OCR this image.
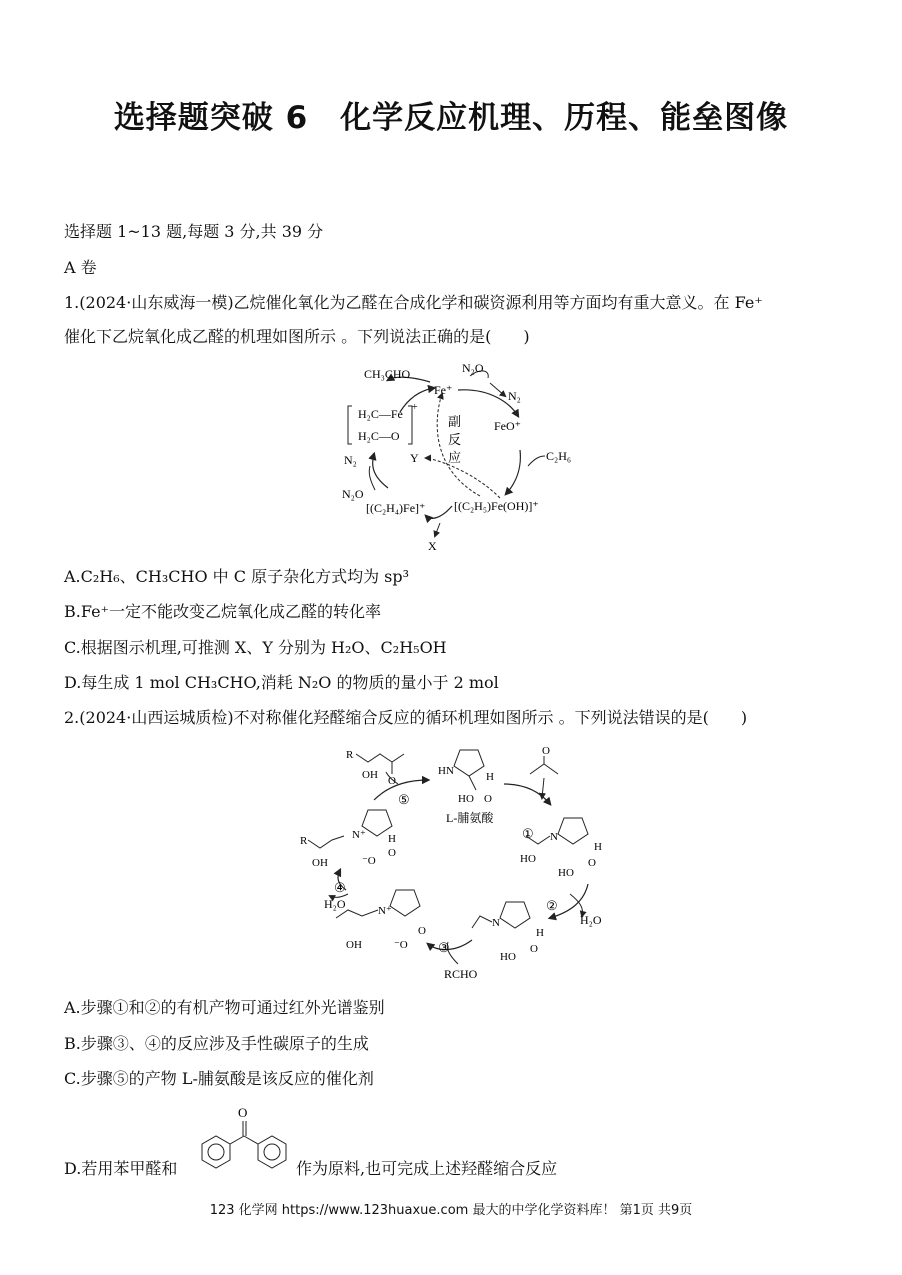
选择题突破 6　化学反应机理、历程、能垒图像
选择题 1~13 题,每题 3 分,共 39 分
A 卷
1.(2024·山东威海一模)乙烷催化氧化为乙醛在合成化学和碳资源利用等方面均有重大意义。在 Fe⁺
催化下乙烷氧化成乙醛的机理如图所示 。下列说法正确的是(　　)
Fe⁺
N₂O
N₂
FeO⁺
C₂H₆
[(C₂H₅)Fe(OH)]⁺
X
[(C₂H₄)Fe]⁺
N₂O
N₂
H₂C—Fe
H₂C—O
+
CH₃CHO
Y
副
反
应
A.C₂H₆、CH₃CHO 中 C 原子杂化方式均为 sp³
B.Fe⁺一定不能改变乙烷氧化成乙醛的转化率
C.根据图示机理,可推测 X、Y 分别为 H₂O、C₂H₅OH
D.每生成 1 mol CH₃CHO,消耗 N₂O 的物质的量小于 2 mol
2.(2024·山西运城质检)不对称催化羟醛缩合反应的循环机理如图所示 。下列说法错误的是(　　)
HN	H
HO O
L-脯氨酸
R
OH O
O
N
HO
H
HO
O
N
H
HO
O
N⁺
OH	⁻O
O
N⁺
R
OH	⁻O
O
H	①
②
③
④
⑤
H₂O
H₂O
RCHO
A.步骤①和②的有机产物可通过红外光谱鉴别
B.步骤③、④的反应涉及手性碳原子的生成
C.步骤⑤的产物 L-脯氨酸是该反应的催化剂
D.若用苯甲醛和
O
作为原料,也可完成上述羟醛缩合反应
123 化学网 https://www.123huaxue.com 最大的中学化学资料库！ 第1页 共9页
